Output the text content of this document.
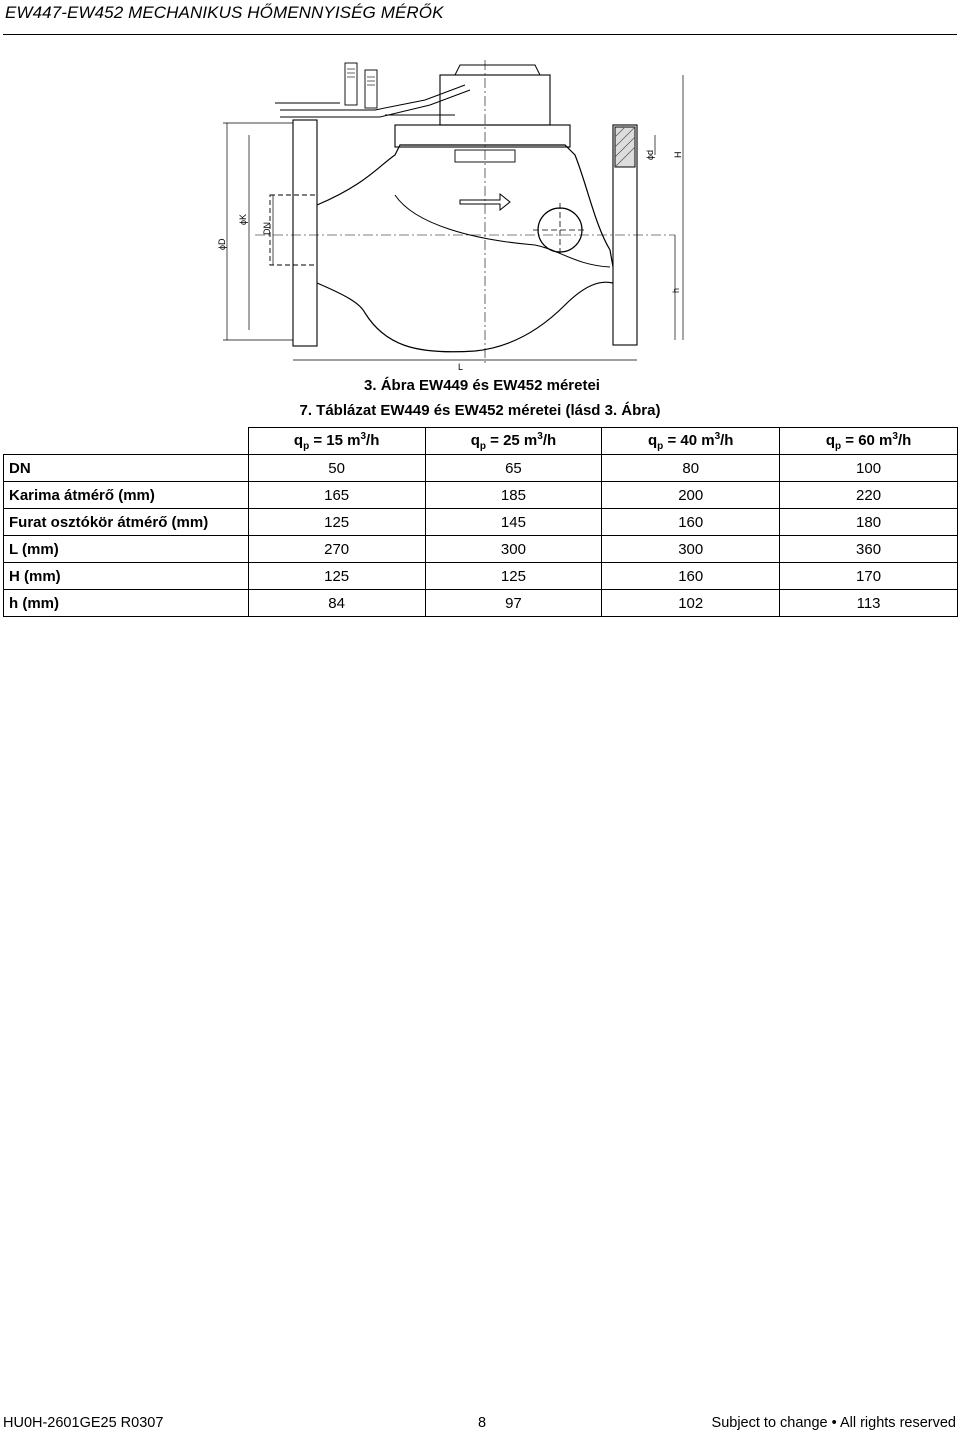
EW447-EW452 MECHANIKUS HŐMENNYISÉG MÉRŐK
ϕD
ϕK
DN
ϕd H
h
L
3. Ábra EW449 és EW452 méretei
7. Táblázat EW449 és EW452 méretei (lásd 3. Ábra)
	$q_p = 15$ $m^3/h$	$q_p = 25$ $m^3/h$	$q_p = 40$ $m^3/h$	$q_p = 60$ $m^3/h$
DN	50	65	80	100
Karima átmérő (mm)	165	185	200	220
Furat osztókör átmérő (mm)	125	145	160	180
L (mm)	270	300	300	360
H (mm)	125	125	160	170
h (mm)	84	97	102	113
HU0H-2601GE25 R0307	8	Subject to change • All rights reserved
